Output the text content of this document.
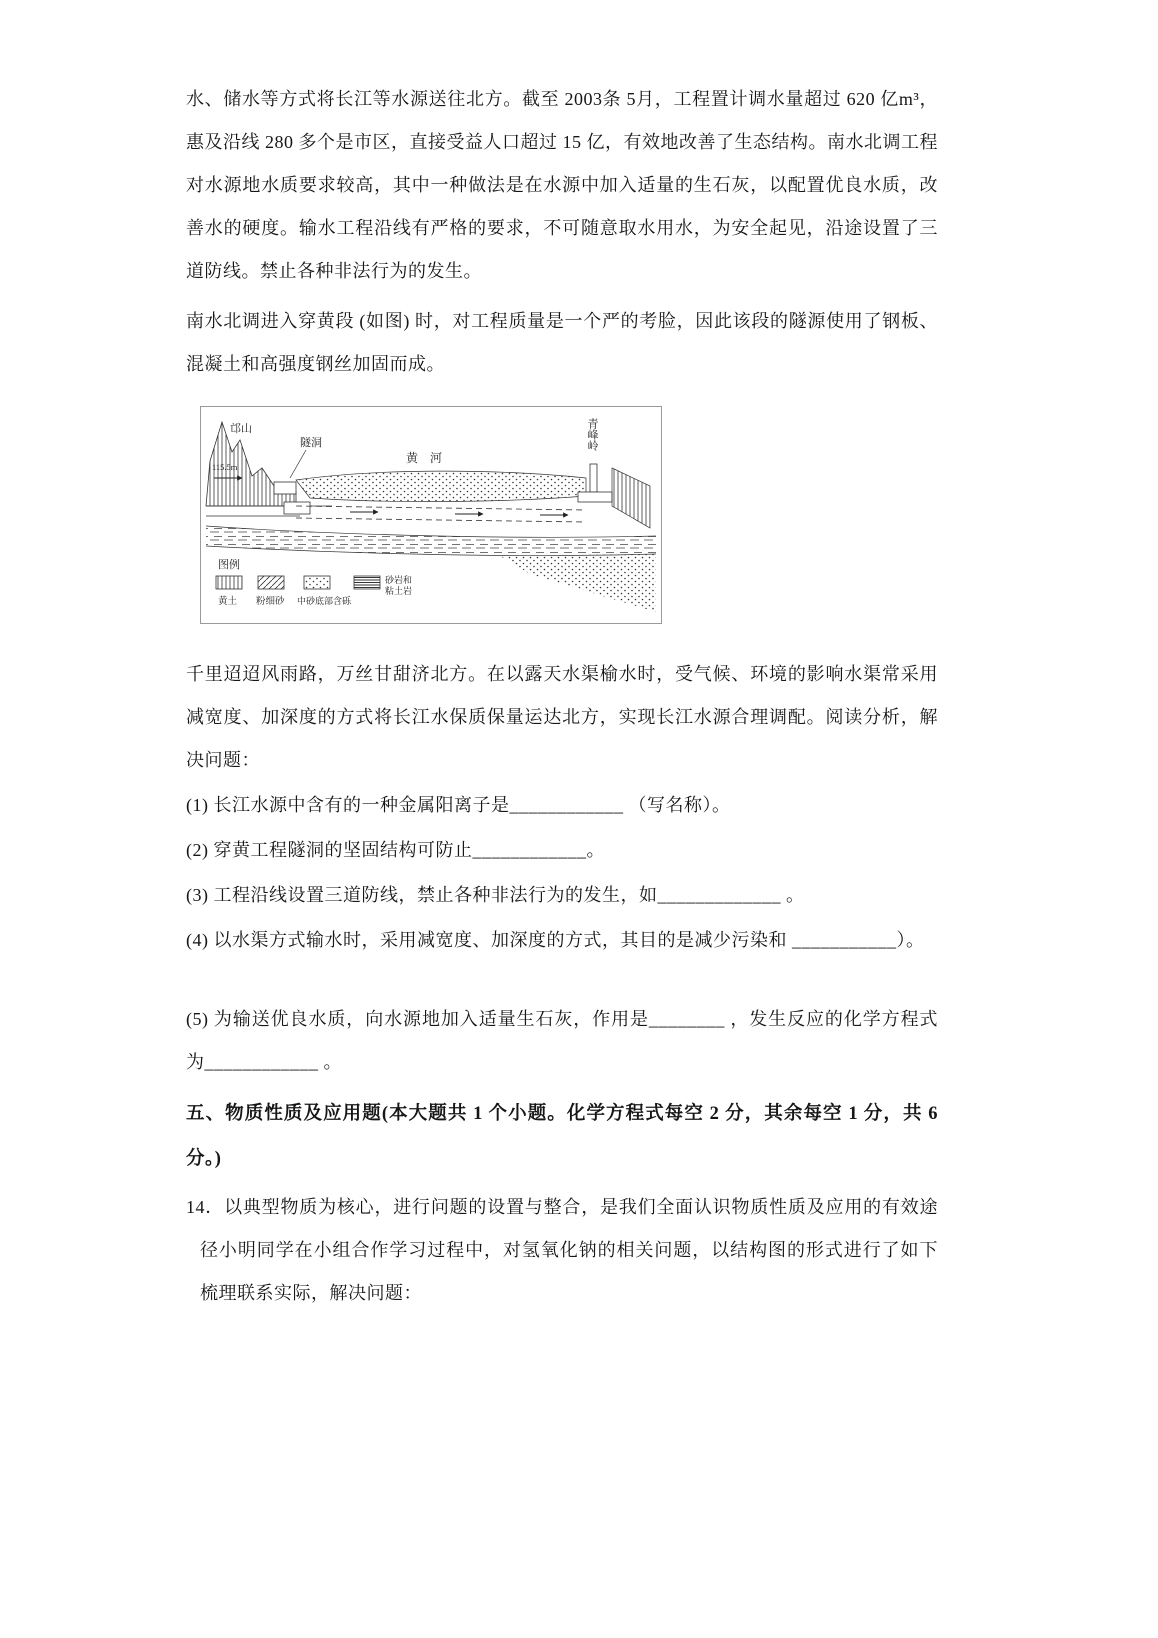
水、储水等方式将长江等水源送往北方。截至 2003条 5月，工程置计调水量超过 620 亿m³，惠及沿线 280 多个是市区，直接受益人口超过 15 亿，有效地改善了生态结构。南水北调工程对水源地水质要求较高，其中一种做法是在水源中加入适量的生石灰，以配置优良水质，改善水的硬度。输水工程沿线有严格的要求，不可随意取水用水，为安全起见，沿途设置了三道防线。禁止各种非法行为的发生。

南水北调进入穿黄段 (如图) 时，对工程质量是一个严的考脸，因此该段的隧源使用了钢板、混凝土和高强度钢丝加固而成。

邙山
隧洞
115.5m
黄　河
青峰岭
图例
黄土 粉细砂 中砂底部含砾
砂岩和
粘土岩

千里迢迢风雨路，万丝甘甜济北方。在以露天水渠榆水时，受气候、环境的影响水渠常采用减宽度、加深度的方式将长江水保质保量运达北方，实现长江水源合理调配。阅读分析，解决问题：

(1) 长江水源中含有的一种金属阳离子是____________ （写名称）。

(2) 穿黄工程隧洞的坚固结构可防止____________。

(3) 工程沿线设置三道防线，禁止各种非法行为的发生，如_____________ 。

(4) 以水渠方式输水时，采用减宽度、加深度的方式，其目的是减少污染和 ___________）。

(5) 为输送优良水质，向水源地加入适量生石灰，作用是________ ，发生反应的化学方程式为____________ 。

五、物质性质及应用题(本大题共 1 个小题。化学方程式每空 2 分，其余每空 1 分，共 6 分。)

14．以典型物质为核心，进行问题的设置与整合，是我们全面认识物质性质及应用的有效途径小明同学在小组合作学习过程中，对氢氧化钠的相关问题，以结构图的形式进行了如下梳理联系实际，解决问题：
